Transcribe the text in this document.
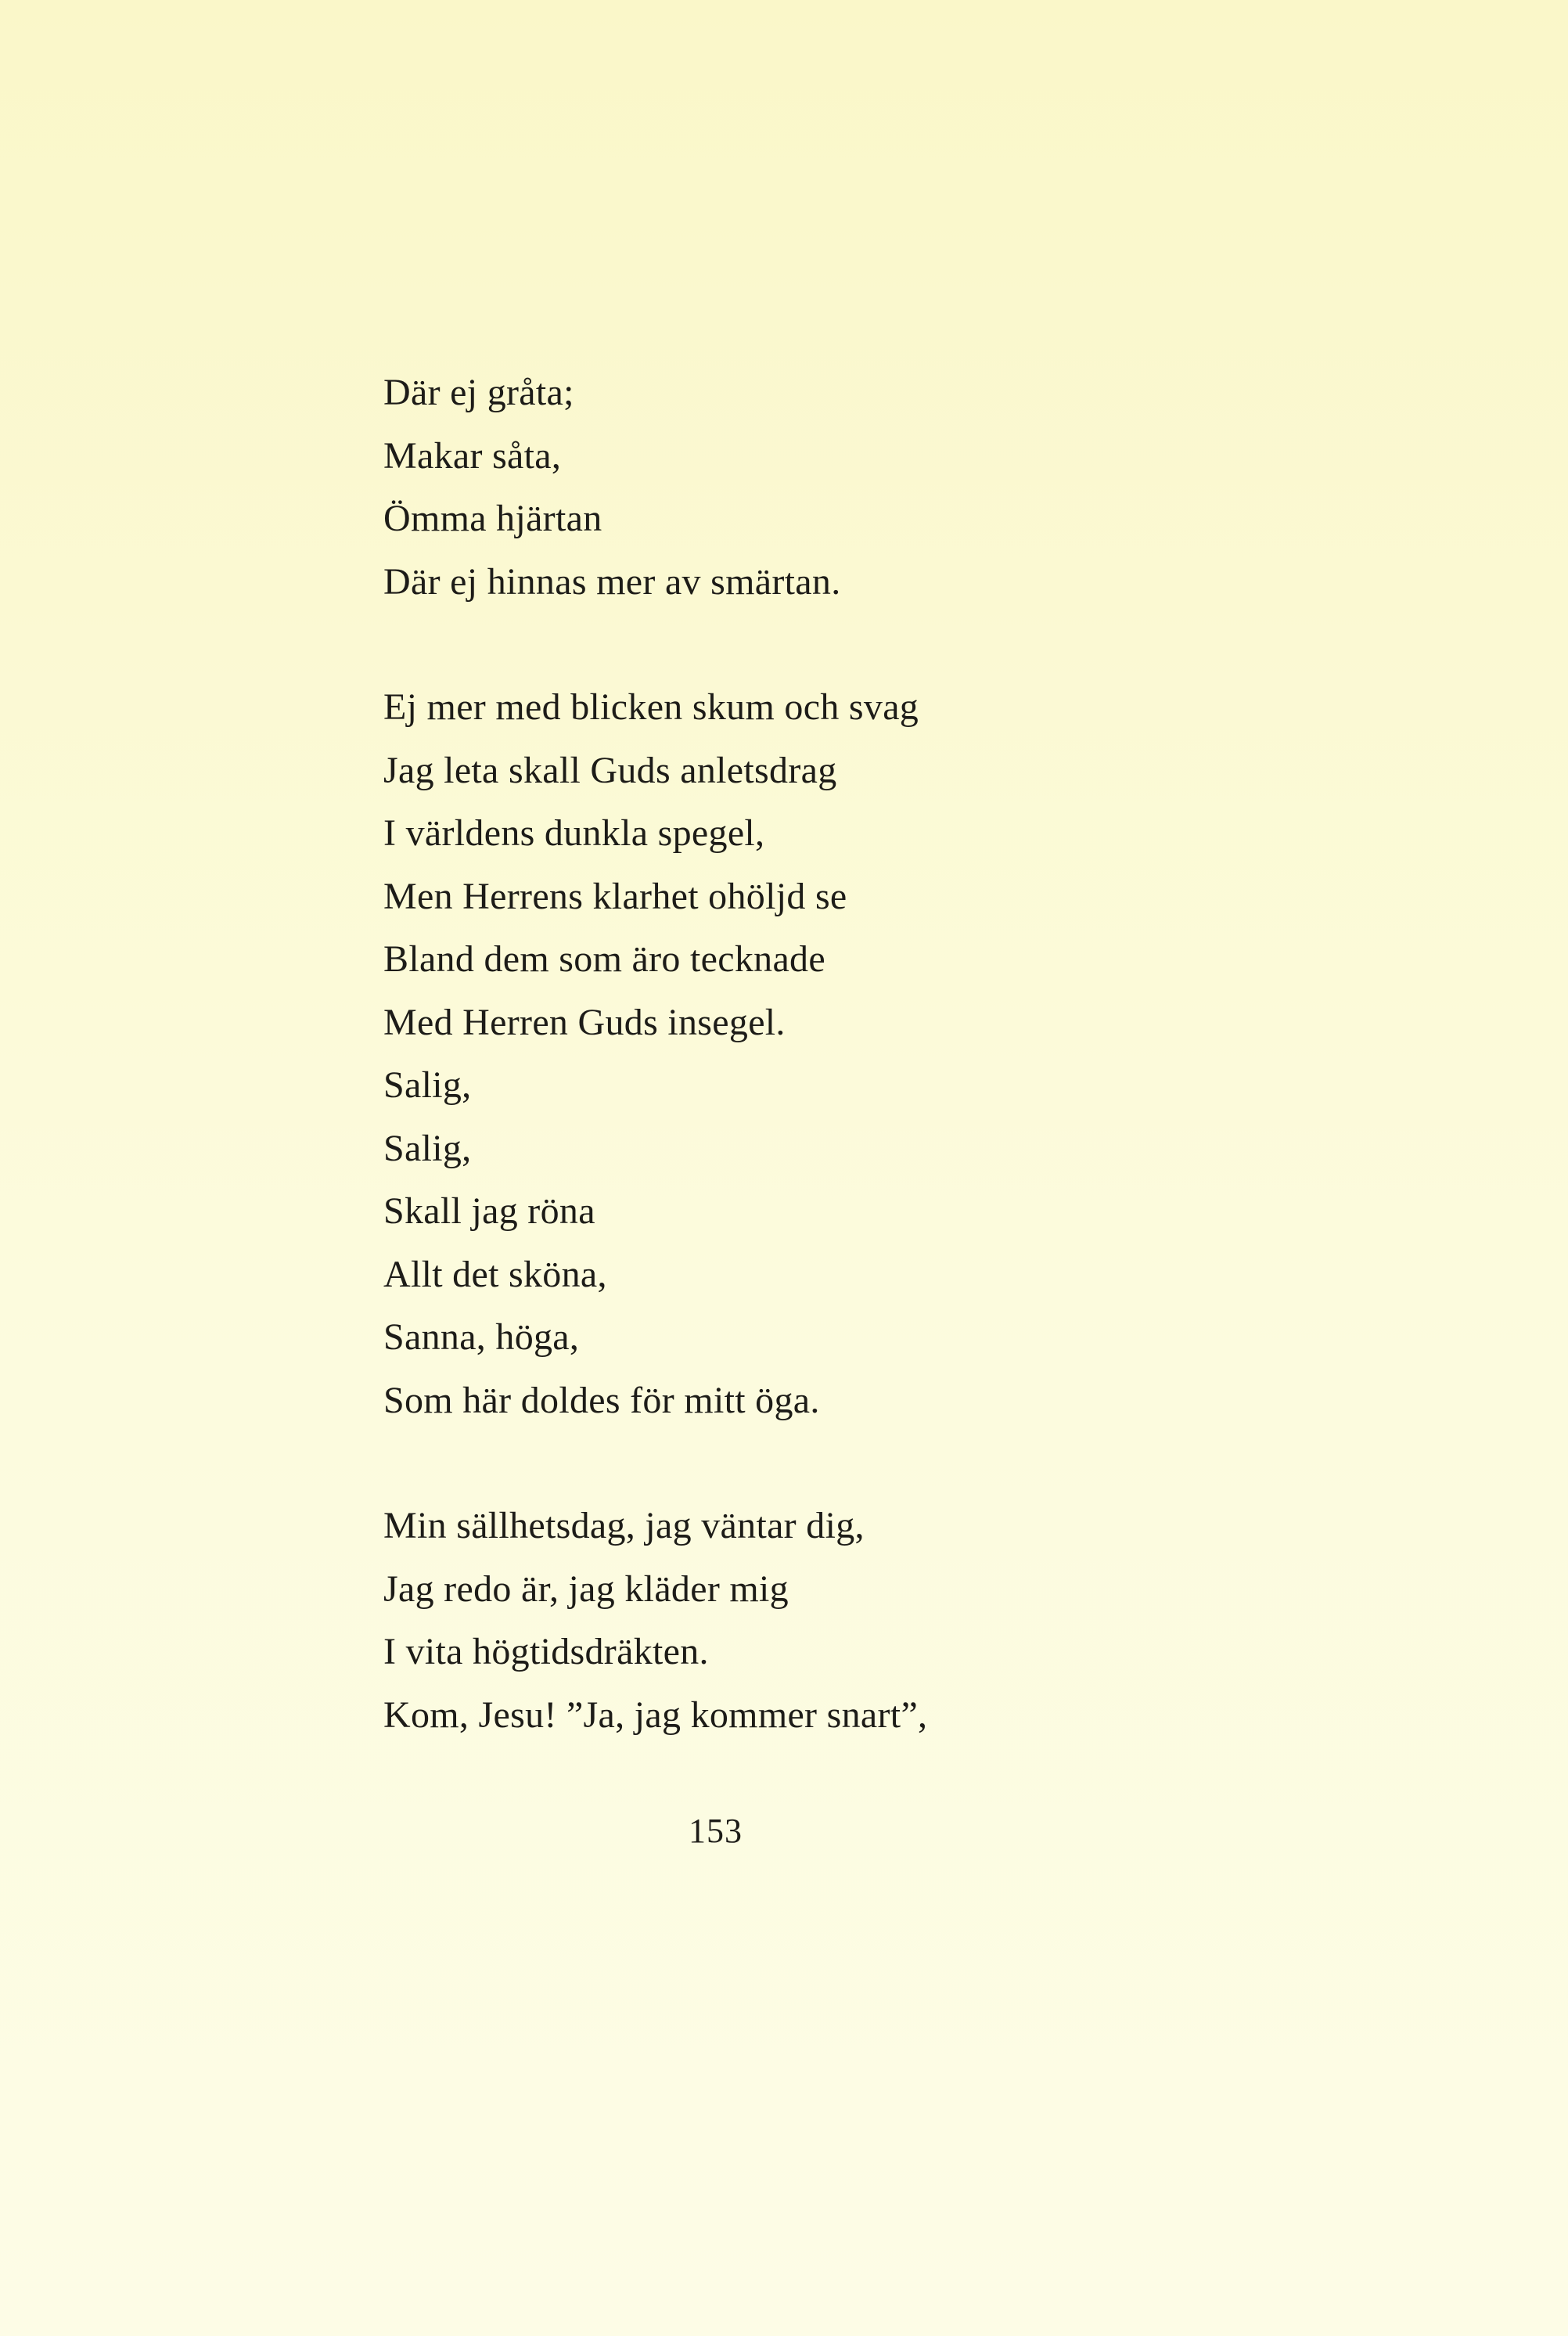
Där ej gråta;
Makar såta,
Ömma hjärtan
Där ej hinnas mer av smärtan.
Ej mer med blicken skum och svag
Jag leta skall Guds anletsdrag
I världens dunkla spegel,
Men Herrens klarhet ohöljd se
Bland dem som äro tecknade
Med Herren Guds insegel.
Salig,
Salig,
Skall jag röna
Allt det sköna,
Sanna, höga,
Som här doldes för mitt öga.
Min sällhetsdag, jag väntar dig,
Jag redo är, jag kläder mig
I vita högtidsdräkten.
Kom, Jesu! ”Ja, jag kommer snart”,
153
